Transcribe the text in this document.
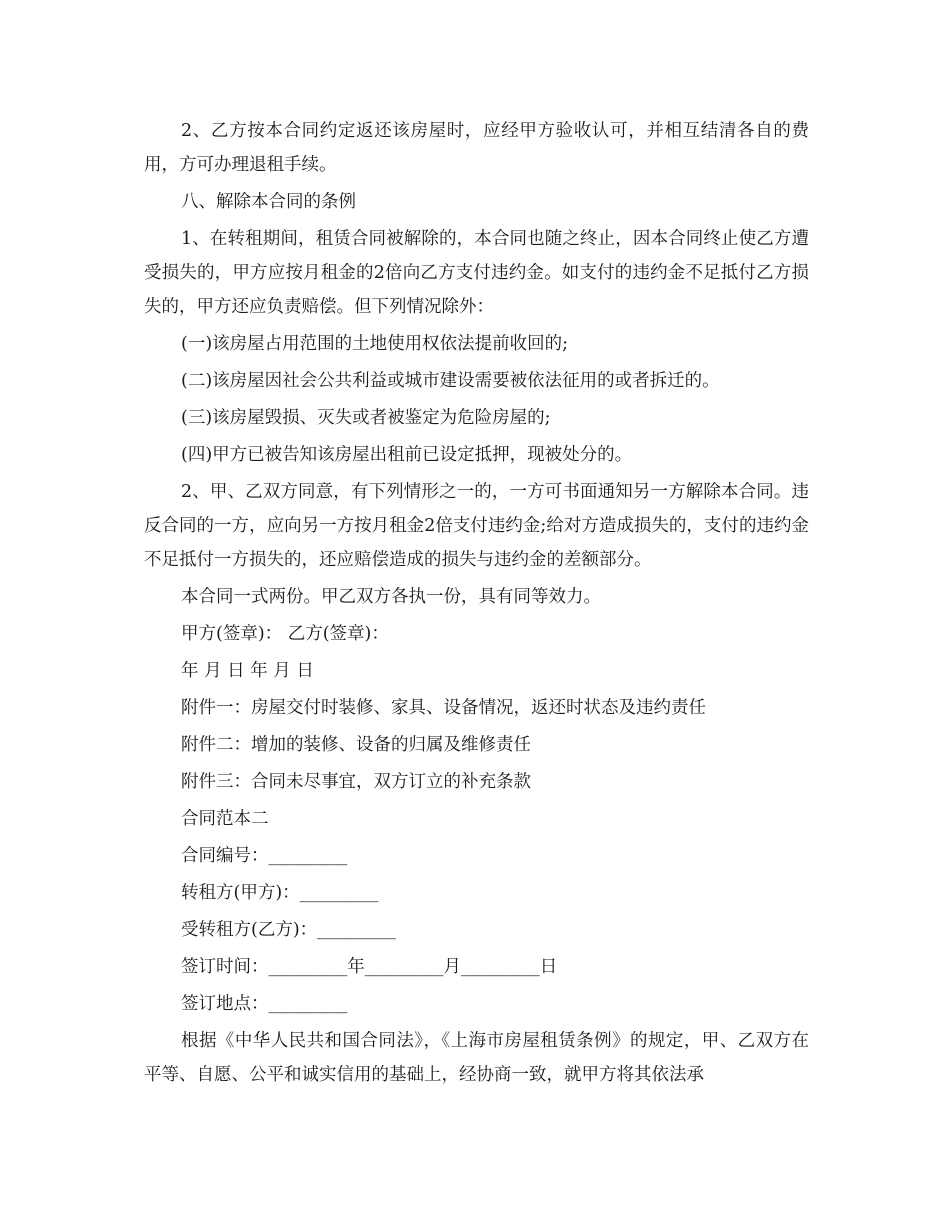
2、乙方按本合同约定返还该房屋时，应经甲方验收认可，并相互结清各自的费用，方可办理退租手续。

八、解除本合同的条例

1、在转租期间，租赁合同被解除的，本合同也随之终止，因本合同终止使乙方遭受损失的，甲方应按月租金的2倍向乙方支付违约金。如支付的违约金不足抵付乙方损失的，甲方还应负责赔偿。但下列情况除外：

(一)该房屋占用范围的土地使用权依法提前收回的;

(二)该房屋因社会公共利益或城市建设需要被依法征用的或者拆迁的。

(三)该房屋毁损、灭失或者被鉴定为危险房屋的;

(四)甲方已被告知该房屋出租前已设定抵押，现被处分的。

2、甲、乙双方同意，有下列情形之一的，一方可书面通知另一方解除本合同。违反合同的一方，应向另一方按月租金2倍支付违约金;给对方造成损失的，支付的违约金不足抵付一方损失的，还应赔偿造成的损失与违约金的差额部分。

本合同一式两份。甲乙双方各执一份，具有同等效力。

甲方(签章)： 乙方(签章)：

年 月 日 年 月 日

附件一：房屋交付时装修、家具、设备情况，返还时状态及违约责任

附件二：增加的装修、设备的归属及维修责任

附件三：合同未尽事宜，双方订立的补充条款

合同范本二

合同编号：_________

转租方(甲方)：_________

受转租方(乙方)：_________

签订时间：_________年_________月_________日

签订地点：_________

根据《中华人民共和国合同法》，《上海市房屋租赁条例》的规定，甲、乙双方在平等、自愿、公平和诚实信用的基础上，经协商一致，就甲方将其依法承
